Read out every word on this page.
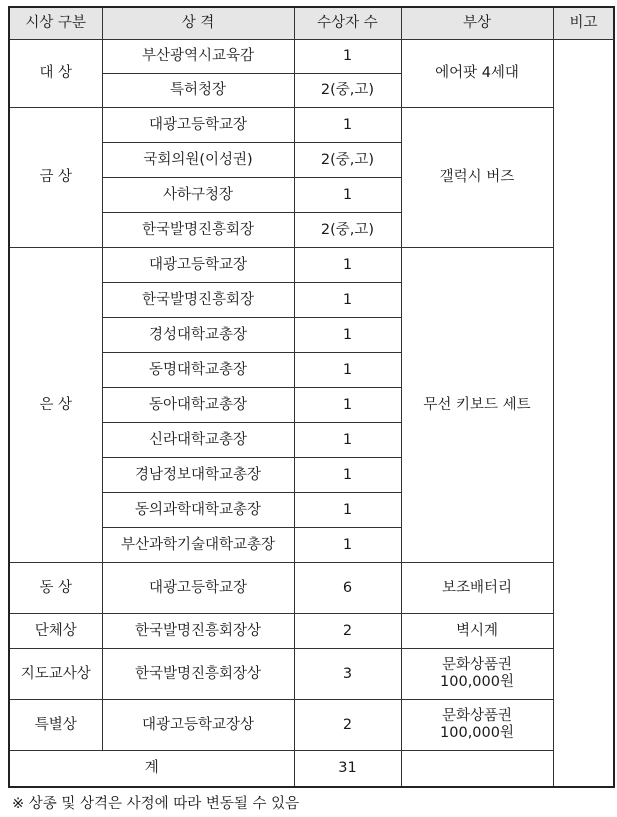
시상 구분	상 격	수상자 수	부상	비고	
대 상	부산광역시교육감	1	에어팟 4세대		
	특허청장	2(중,고)			
금 상	대광고등학교장	1	갤럭시 버즈		
	국회의원(이성권)	2(중,고)			
	사하구청장	1			
	한국발명진흥회장	2(중,고)			
은 상	대광고등학교장	1	무선 키보드 세트		
	한국발명진흥회장	1			
	경성대학교총장	1			
	동명대학교총장	1			
	동아대학교총장	1			
	신라대학교총장	1			
	경남정보대학교총장	1			
	동의과학대학교총장	1			
	부산과학기술대학교총장	1			
동 상	대광고등학교장	6	보조배터리		
단체상	한국발명진흥회장상	2	벽시계		
지도교사상	한국발명진흥회장상	3	문화상품권
100,000원		
특별상	대광고등학교장상	2	문화상품권
100,000원		
계		31			
※ 상종 및 상격은 사정에 따라 변동될 수 있음
